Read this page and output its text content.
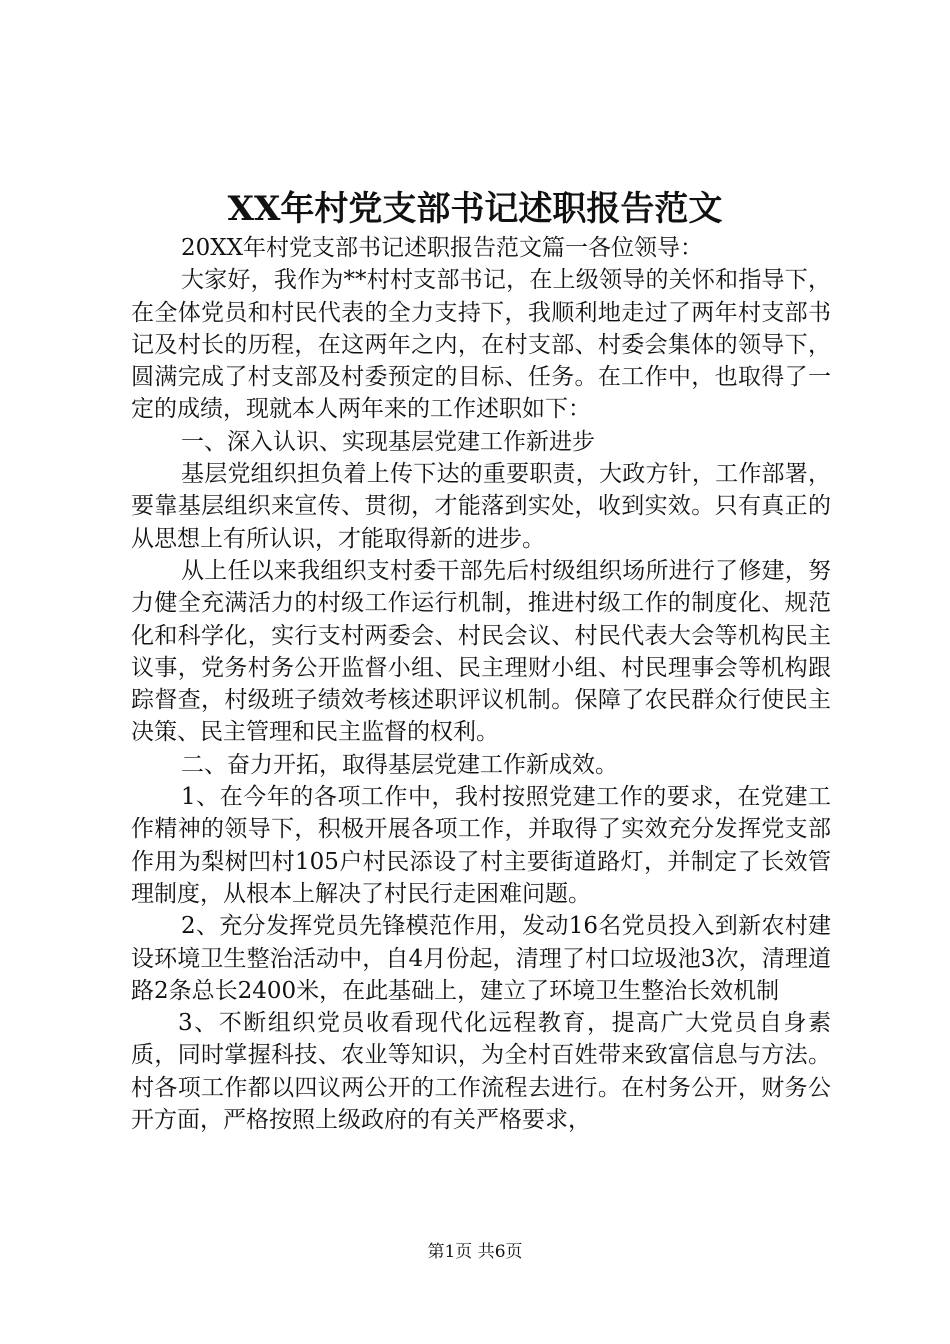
XX年村党支部书记述职报告范文

20XX年村党支部书记述职报告范文篇一各位领导：

大家好，我作为**村村支部书记，在上级领导的关怀和指导下，在全体党员和村民代表的全力支持下，我顺利地走过了两年村支部书记及村长的历程，在这两年之内，在村支部、村委会集体的领导下，圆满完成了村支部及村委预定的目标、任务。在工作中，也取得了一定的成绩，现就本人两年来的工作述职如下：

一、深入认识、实现基层党建工作新进步

基层党组织担负着上传下达的重要职责，大政方针，工作部署，要靠基层组织来宣传、贯彻，才能落到实处，收到实效。只有真正的从思想上有所认识，才能取得新的进步。

从上任以来我组织支村委干部先后村级组织场所进行了修建，努力健全充满活力的村级工作运行机制，推进村级工作的制度化、规范化和科学化，实行支村两委会、村民会议、村民代表大会等机构民主议事，党务村务公开监督小组、民主理财小组、村民理事会等机构跟踪督查，村级班子绩效考核述职评议机制。保障了农民群众行使民主决策、民主管理和民主监督的权利。

二、奋力开拓，取得基层党建工作新成效。

1、在今年的各项工作中，我村按照党建工作的要求，在党建工作精神的领导下，积极开展各项工作，并取得了实效充分发挥党支部作用为梨树凹村105户村民添设了村主要街道路灯，并制定了长效管理制度，从根本上解决了村民行走困难问题。

2、充分发挥党员先锋模范作用，发动16名党员投入到新农村建设环境卫生整治活动中，自4月份起，清理了村口垃圾池3次，清理道路2条总长2400米，在此基础上，建立了环境卫生整治长效机制

3、不断组织党员收看现代化远程教育，提高广大党员自身素质，同时掌握科技、农业等知识，为全村百姓带来致富信息与方法。村各项工作都以四议两公开的工作流程去进行。在村务公开，财务公开方面，严格按照上级政府的有关严格要求，

第1页 共6页
